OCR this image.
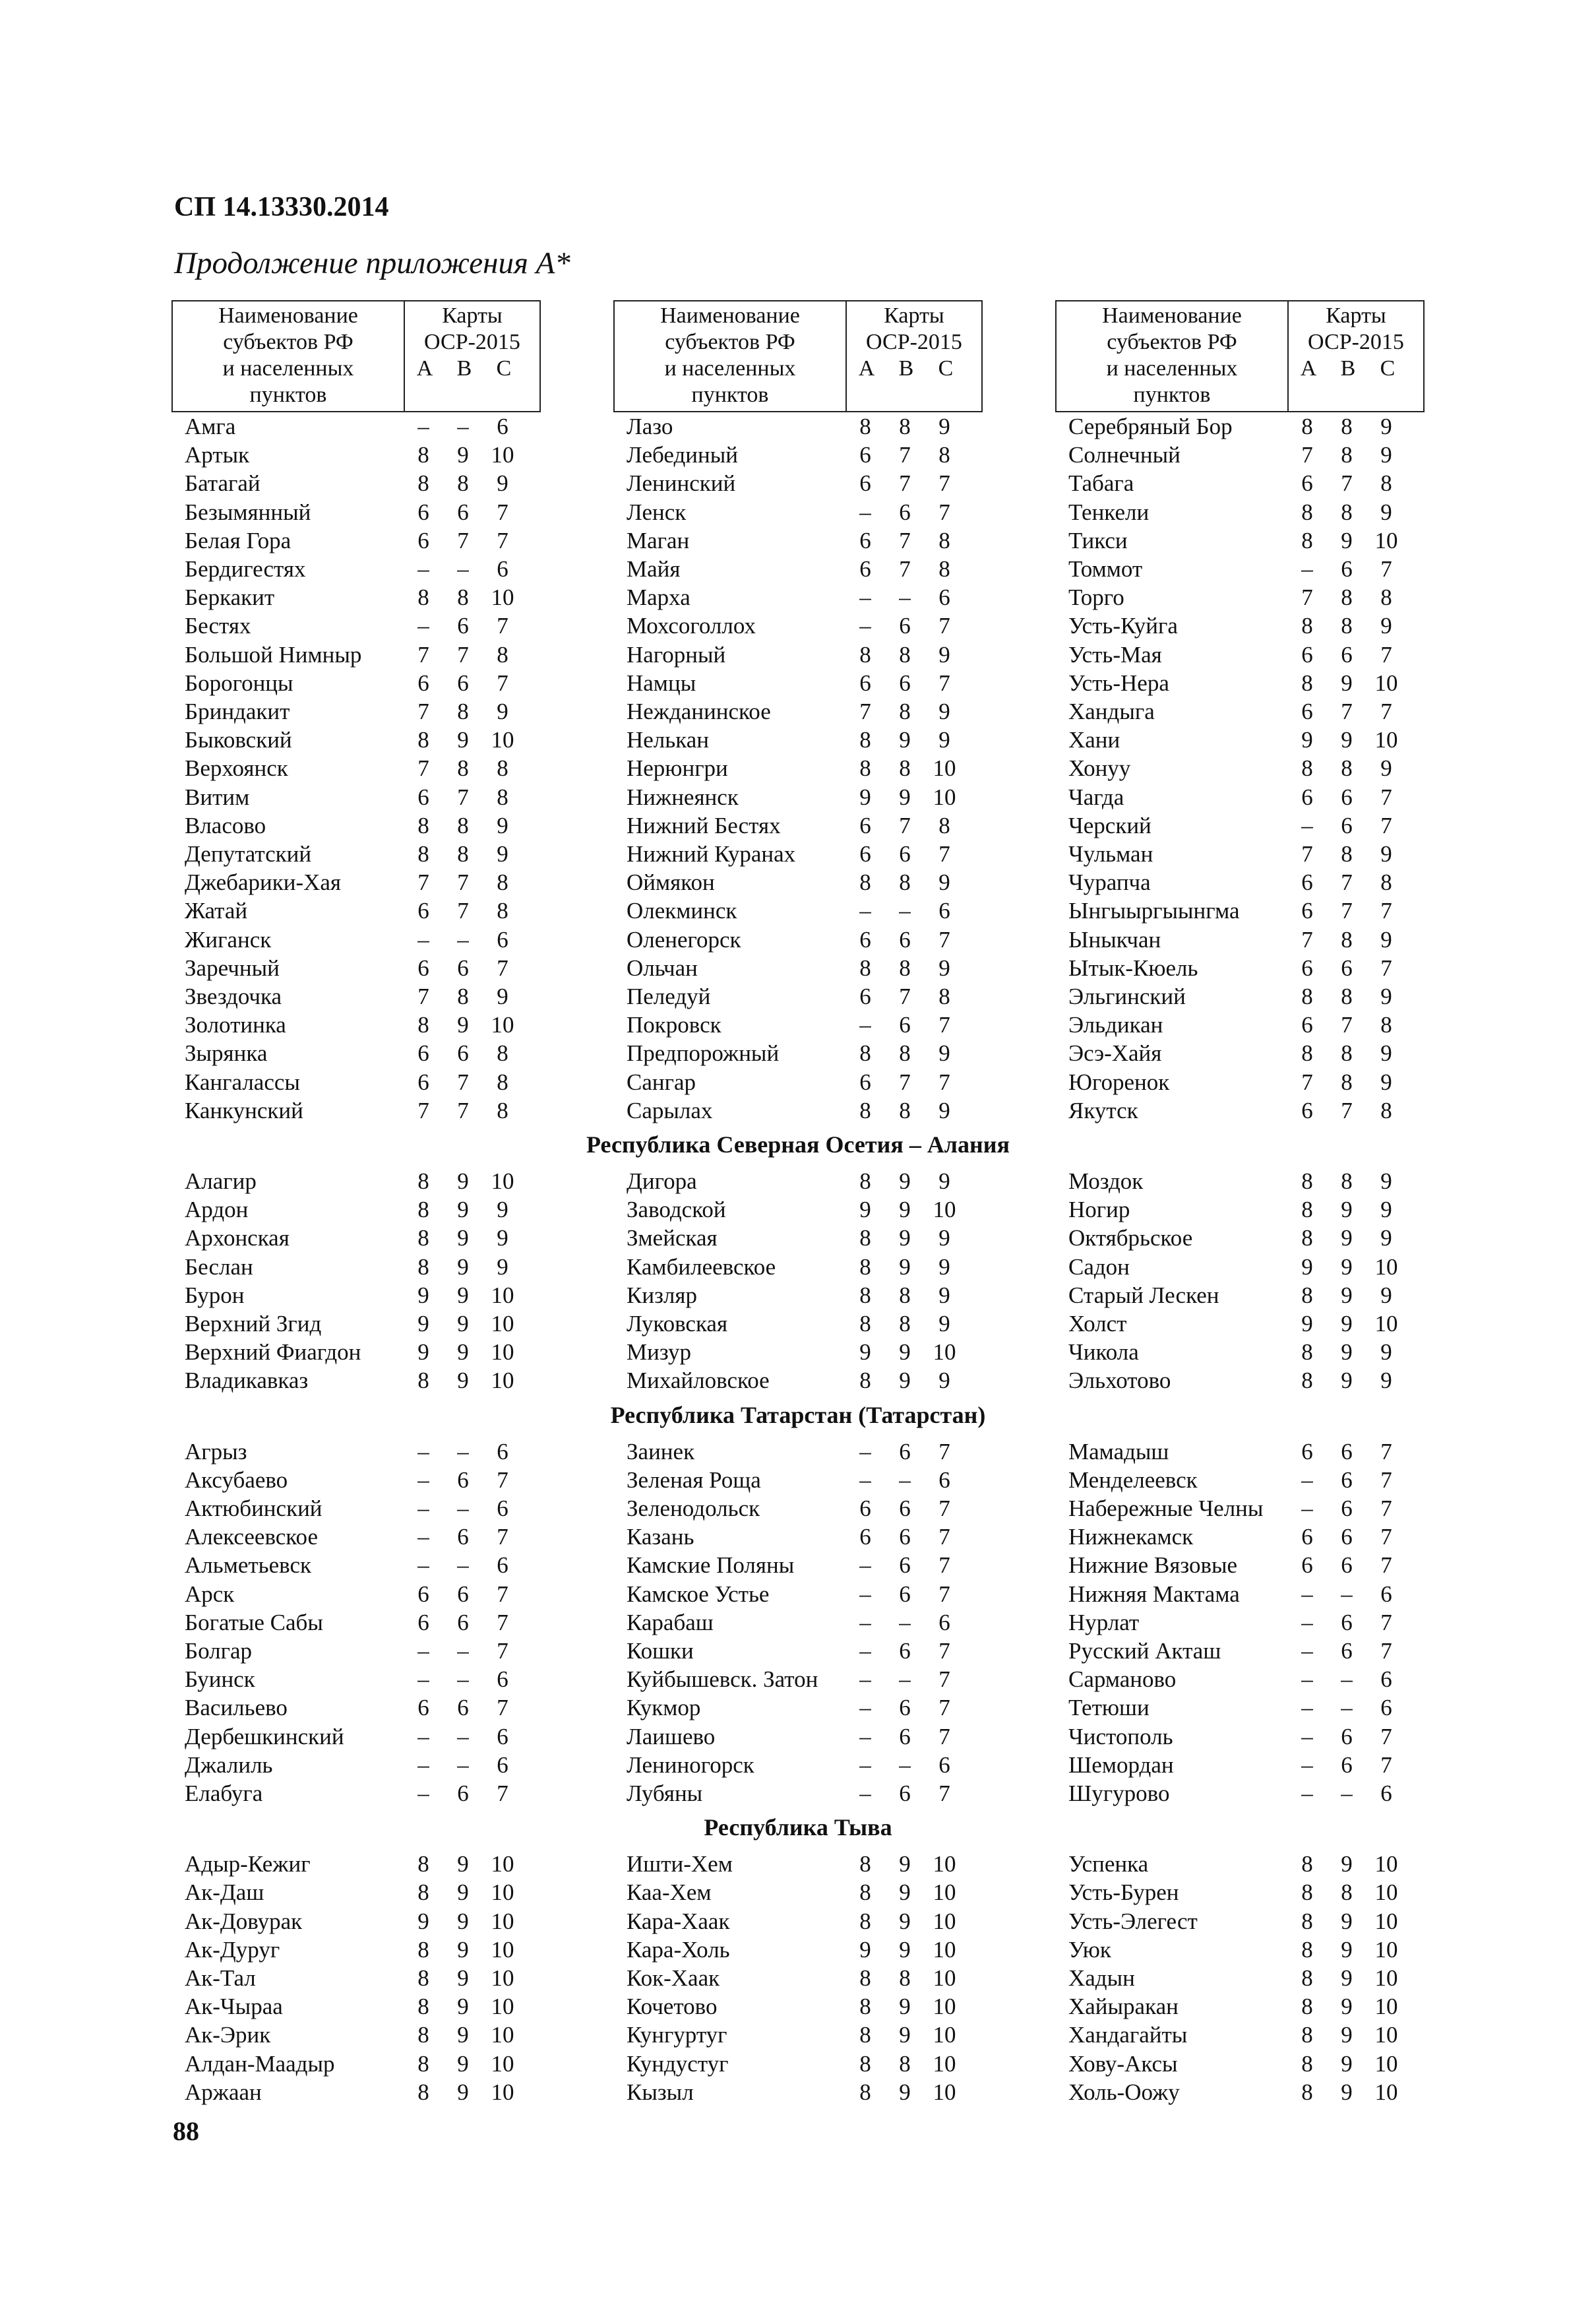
СП 14.13330.2014
Продолжение приложения А*
Наименование
субъектов РФ
и населенных
пунктов
Карты
ОСР-2015
А	В	С
Наименование
субъектов РФ
и населенных
пунктов
Карты
ОСР-2015
А	В	С
Наименование
субъектов РФ
и населенных
пунктов
Карты
ОСР-2015
А	В	С
Амга	–	–	6
Артык	8	9 10
Батагай	8	8	9
Безымянный	6	6	7
Белая Гора	6	7	7
Бердигестях	–	–	6
Беркакит	8	8 10
Бестях	–	6	7
Большой Нимныр	7	7	8
Борогонцы	6	6	7
Бриндакит	7	8	9
Быковский	8	9 10
Верхоянск	7	8	8
Витим	6	7	8
Власово	8	8	9
Депутатский	8	8	9
Джебарики-Хая	7	7	8
Жатай	6	7	8
Жиганск	–	–	6
Заречный	6	6	7
Звездочка	7	8	9
Золотинка	8	9 10
Зырянка	6	6	8
Кангалассы	6	7	8
Канкунский	7	7	8
Лазо	8	8	9
Лебединый	6	7	8
Ленинский	6	7	7
Ленск	–	6	7
Маган	6	7	8
Майя	6	7	8
Марха	–	–	6
Мохсоголлох	–	6	7
Нагорный	8	8	9
Намцы	6	6	7
Нежданинское	7	8	9
Нелькан	8	9	9
Нерюнгри	8	8 10
Нижнеянск	9	9 10
Нижний Бестях	6	7	8
Нижний Куранах	6	6	7
Оймякон	8	8	9
Олекминск	–	–	6
Оленегорск	6	6	7
Ольчан	8	8	9
Пеледуй	6	7	8
Покровск	–	6	7
Предпорожный	8	8	9
Сангар	6	7	7
Сарылах	8	8	9
Серебряный Бор	8	8	9
Солнечный	7	8	9
Табага	6	7	8
Тенкели	8	8	9
Тикси	8	9 10
Томмот	–	6	7
Торго	7	8	8
Усть-Куйга	8	8	9
Усть-Мая	6	6	7
Усть-Нера	8	9 10
Хандыга	6	7	7
Хани	9	9 10
Хонуу	8	8	9
Чагда	6	6	7
Черский	–	6	7
Чульман	7	8	9
Чурапча	6	7	8
Ынгыыргыынгма	6	7	7
Ыныкчан	7	8	9
Ытык-Кюель	6	6	7
Эльгинский	8	8	9
Эльдикан	6	7	8
Эсэ-Хайя	8	8	9
Югоренок	7	8	9
Якутск	6	7	8
Республика Северная Осетия – Алания
Алагир	8	9 10
Ардон	8	9	9
Архонская	8	9	9
Беслан	8	9	9
Бурон	9	9 10
Верхний Згид	9	9 10
Верхний Фиагдон	9	9 10
Владикавказ	8	9 10
Дигора	8	9	9
Заводской	9	9 10
Змейская	8	9	9
Камбилеевское	8	9	9
Кизляр	8	8	9
Луковская	8	8	9
Мизур	9	9 10
Михайловское	8	9	9
Моздок	8	8	9
Ногир	8	9	9
Октябрьское	8	9	9
Садон	9	9 10
Старый Лескен	8	9	9
Холст	9	9 10
Чикола	8	9	9
Эльхотово	8	9	9
Республика Татарстан (Татарстан)
Агрыз	–	–	6
Аксубаево	–	6	7
Актюбинский	–	–	6
Алексеевское	–	6	7
Альметьевск	–	–	6
Арск	6	6	7
Богатые Сабы	6	6	7
Болгар	–	–	7
Буинск	–	–	6
Васильево	6	6	7
Дербешкинский	–	–	6
Джалиль	–	–	6
Елабуга	–	6	7
Заинек	–	6	7
Зеленая Роща	–	–	6
Зеленодольск	6	6	7
Казань	6	6	7
Камские Поляны	–	6	7
Камское Устье	–	6	7
Карабаш	–	–	6
Кошки	–	6	7
Куйбышевск. Затон	–	–	7
Кукмор	–	6	7
Лаишево	–	6	7
Лениногорск	–	–	6
Лубяны	–	6	7
Мамадыш	6	6	7
Менделеевск	–	6	7
Набережные Челны	–	6	7
Нижнекамск	6	6	7
Нижние Вязовые	6	6	7
Нижняя Мактама	–	–	6
Нурлат	–	6	7
Русский Акташ	–	6	7
Сарманово	–	–	6
Тетюши	–	–	6
Чистополь	–	6	7
Шемордан	–	6	7
Шугурово	–	–	6
Республика Тыва
Адыр-Кежиг	8	9 10
Ак-Даш	8	9 10
Ак-Довурак	9	9 10
Ак-Дуруг	8	9 10
Ак-Тал	8	9 10
Ак-Чыраа	8	9 10
Ак-Эрик	8	9 10
Алдан-Маадыр	8	9 10
Аржаан	8	9 10
Ишти-Хем	8	9 10
Каа-Хем	8	9 10
Кара-Хаак	8	9 10
Кара-Холь	9	9 10
Кок-Хаак	8	8 10
Кочетово	8	9 10
Кунгуртуг	8	9 10
Кундустуг	8	8 10
Кызыл	8	9 10
Успенка	8	9 10
Усть-Бурен	8	8 10
Усть-Элегест	8	9 10
Уюк	8	9 10
Хадын	8	9 10
Хайыракан	8	9 10
Хандагайты	8	9 10
Хову-Аксы	8	9 10
Холь-Оожу	8	9 10
88
